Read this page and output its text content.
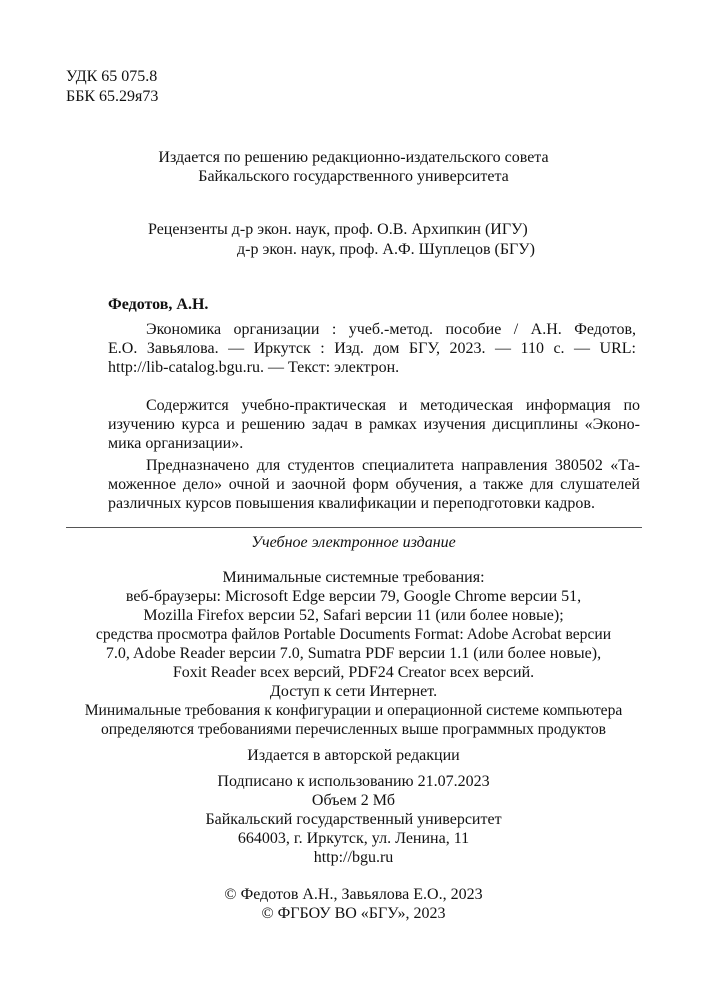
УДК 65 075.8
ББК 65.29я73
Издается по решению редакционно-издательского совета
Байкальского государственного университета
Рецензенты д-р экон. наук, проф. О.В. Архипкин (ИГУ)
д-р экон. наук, проф. А.Ф. Шуплецов (БГУ)
Федотов, А.Н.
Экономика организации : учеб.-метод. пособие / А.Н. Федотов,
Е.О. Завьялова. — Иркутск : Изд. дом БГУ, 2023. — 110 с. — URL:
http://lib-catalog.bgu.ru. — Текст: электрон.
Содержится учебно-практическая и методическая информация по
изучению курса и решению задач в рамках изучения дисциплины «Эконо-
мика организации».
Предназначено для студентов специалитета направления 380502 «Та-
моженное дело» очной и заочной форм обучения, а также для слушателей
различных курсов повышения квалификации и переподготовки кадров.
Учебное электронное издание
Минимальные системные требования:
веб-браузеры: Microsoft Edge версии 79, Google Chrome версии 51,
Mozilla Firefox версии 52, Safari версии 11 (или более новые);
средства просмотра файлов Portable Documents Format: Adobe Acrobat версии
7.0, Adobe Reader версии 7.0, Sumatra PDF версии 1.1 (или более новые),
Foxit Reader всех версий, PDF24 Creator всех версий.
Доступ к сети Интернет.
Минимальные требования к конфигурации и операционной системе компьютера
определяются требованиями перечисленных выше программных продуктов
Издается в авторской редакции
Подписано к использованию 21.07.2023
Объем 2 Мб
Байкальский государственный университет
664003, г. Иркутск, ул. Ленина, 11
http://bgu.ru
© Федотов А.Н., Завьялова Е.О., 2023
© ФГБОУ ВО «БГУ», 2023
